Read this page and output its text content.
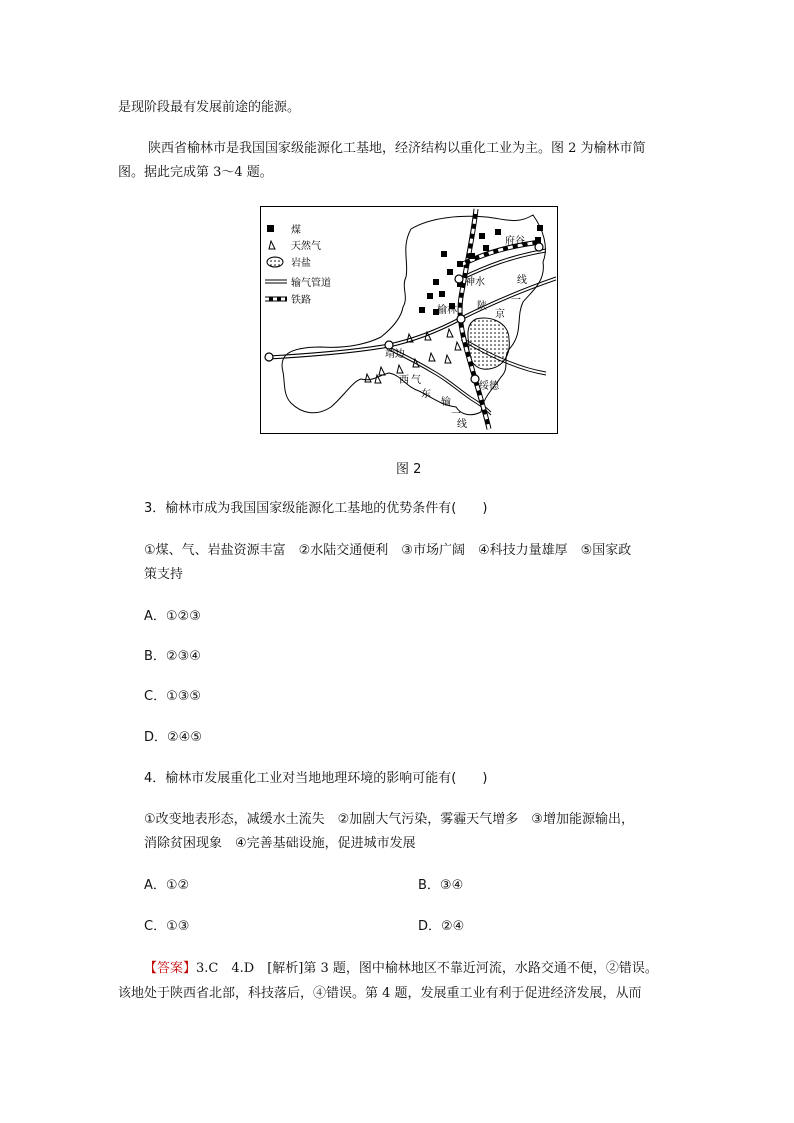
是现阶段最有发展前途的能源。
陕西省榆林市是我国国家级能源化工基地，经济结构以重化工业为主。图 2 为榆林市简
图。据此完成第 3～4 题。
煤
天然气
岩盐
输气管道
铁路
府谷
神水	线
榆林 陕
京
一
靖边
绥德
西 气
东
输
一
线
图 2
3．榆林市成为我国国家级能源化工基地的优势条件有(　　)
①煤、气、岩盐资源丰富　②水陆交通便利　③市场广阔　④科技力量雄厚　⑤国家政
策支持
A．①②③
B．②③④
C．①③⑤
D．②④⑤
4．榆林市发展重化工业对当地地理环境的影响可能有(　　)
①改变地表形态，减缓水土流失　②加剧大气污染，雾霾天气增多　③增加能源输出，
消除贫困现象　④完善基础设施，促进城市发展
A．①②	B．③④
C．①③	D．②④
【答案】3.C　4.D　[解析]第 3 题，图中榆林地区不靠近河流，水路交通不便，②错误。
该地处于陕西省北部，科技落后，④错误。第 4 题，发展重工业有利于促进经济发展，从而
